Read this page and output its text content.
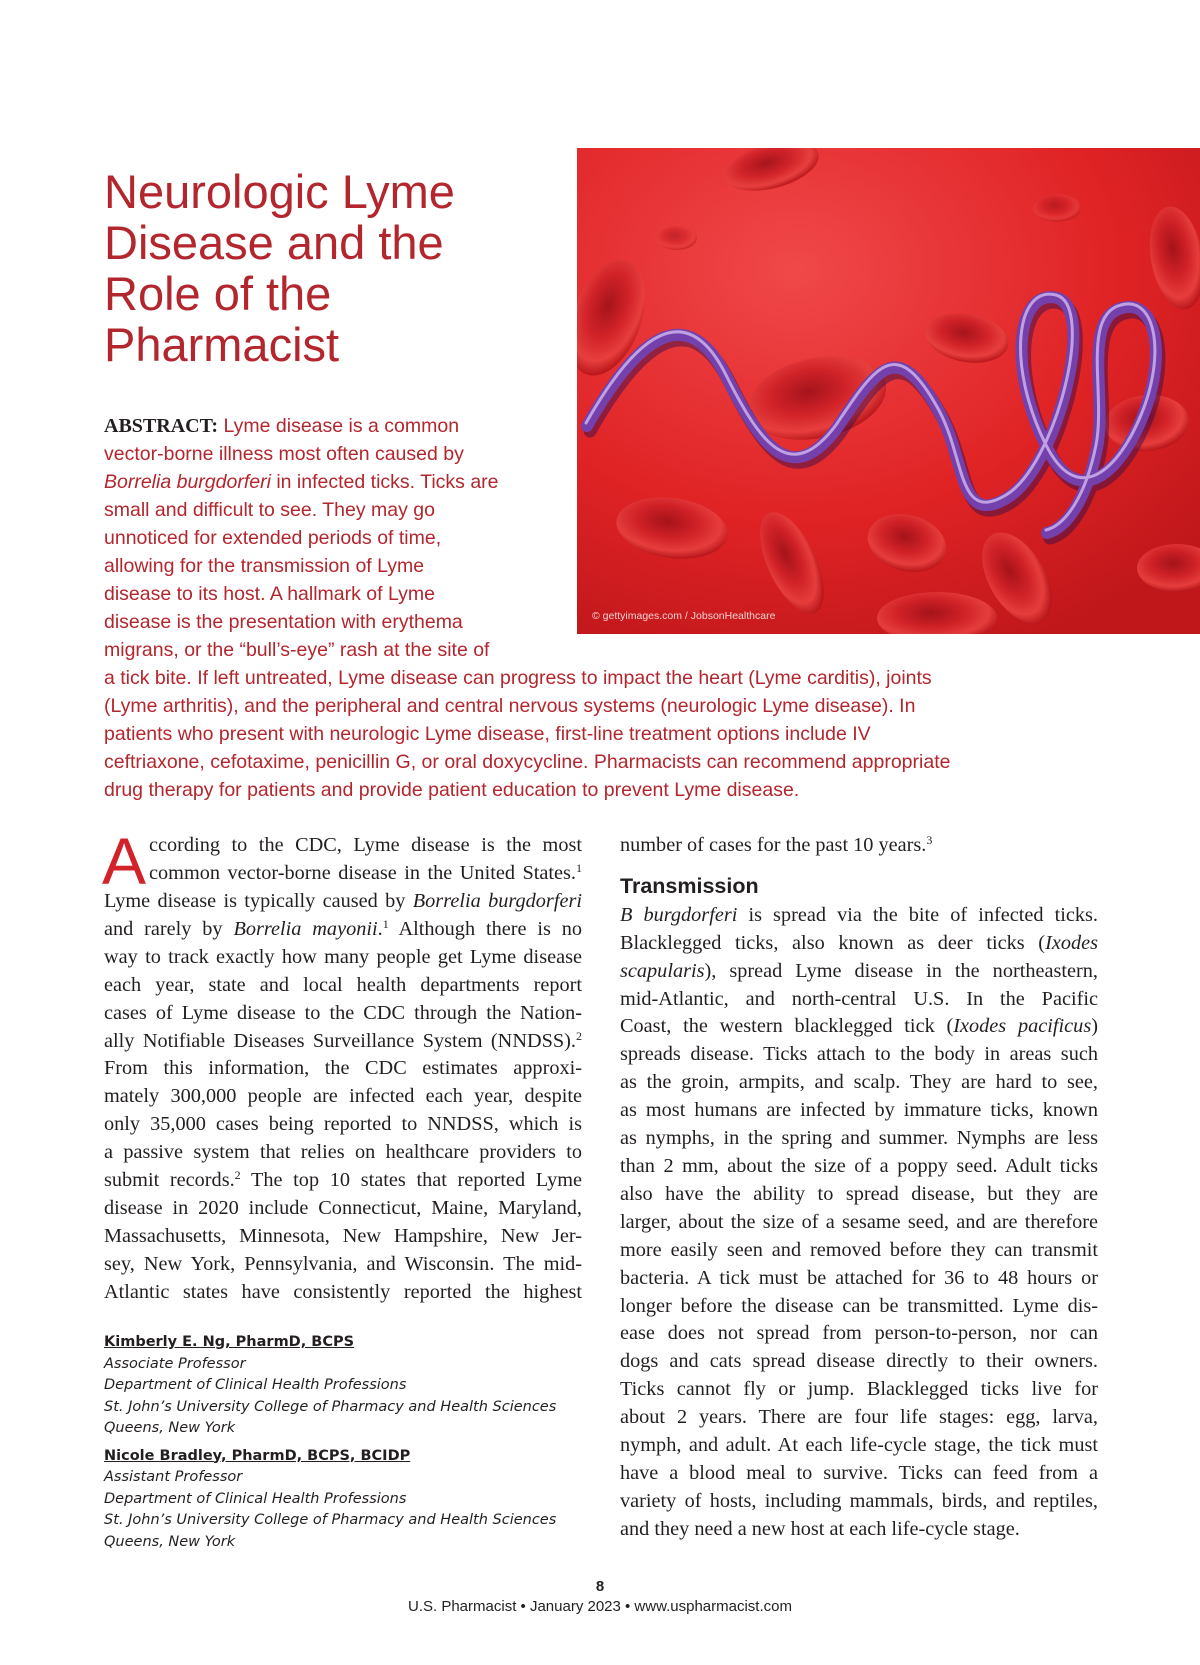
Neurologic Lyme
Disease and the
Role of the
Pharmacist
© gettyimages.com / JobsonHealthcare

ABSTRACT: Lyme disease is a common
vector-borne illness most often caused by
Borrelia burgdorferi in infected ticks. Ticks are
small and difficult to see. They may go
unnoticed for extended periods of time,
allowing for the transmission of Lyme
disease to its host. A hallmark of Lyme
disease is the presentation with erythema
migrans, or the “bull’s-eye” rash at the site of
a tick bite. If left untreated, Lyme disease can progress to impact the heart (Lyme carditis), joints
(Lyme arthritis), and the peripheral and central nervous systems (neurologic Lyme disease). In
patients who present with neurologic Lyme disease, first-line treatment options include IV
ceftriaxone, cefotaxime, penicillin G, or oral doxycycline. Pharmacists can recommend appropriate
drug therapy for patients and provide patient education to prevent Lyme disease.

A ccording to the CDC, Lyme disease is the most
common vector-borne disease in the United States.$^1$
Lyme disease is typically caused by Borrelia burgdorferi
and rarely by Borrelia mayonii.$^1$ Although there is no
way to track exactly how many people get Lyme disease
each year, state and local health departments report
cases of Lyme disease to the CDC through the Nation-
ally Notifiable Diseases Surveillance System (NNDSS).$^2$
From this information, the CDC estimates approxi-
mately 300,000 people are infected each year, despite
only 35,000 cases being reported to NNDSS, which is
a passive system that relies on healthcare providers to
submit records.$^2$ The top 10 states that reported Lyme
disease in 2020 include Connecticut, Maine, Maryland,
Massachusetts, Minnesota, New Hampshire, New Jer-
sey, New York, Pennsylvania, and Wisconsin. The mid-
Atlantic states have consistently reported the highest
Kimberly E. Ng, PharmD, BCPS
Associate Professor
Department of Clinical Health Professions
St. John’s University College of Pharmacy and Health Sciences
Queens, New York
Nicole Bradley, PharmD, BCPS, BCIDP
Assistant Professor
Department of Clinical Health Professions
St. John’s University College of Pharmacy and Health Sciences
Queens, New York
number of cases for the past 10 years.$^3$
Transmission
B burgdorferi is spread via the bite of infected ticks.
Blacklegged ticks, also known as deer ticks (Ixodes
scapularis), spread Lyme disease in the northeastern,
mid-Atlantic, and north-central U.S. In the Pacific
Coast, the western blacklegged tick (Ixodes pacificus)
spreads disease. Ticks attach to the body in areas such
as the groin, armpits, and scalp. They are hard to see,
as most humans are infected by immature ticks, known
as nymphs, in the spring and summer. Nymphs are less
than 2 mm, about the size of a poppy seed. Adult ticks
also have the ability to spread disease, but they are
larger, about the size of a sesame seed, and are therefore
more easily seen and removed before they can transmit
bacteria. A tick must be attached for 36 to 48 hours or
longer before the disease can be transmitted. Lyme dis-
ease does not spread from person-to-person, nor can
dogs and cats spread disease directly to their owners.
Ticks cannot fly or jump. Blacklegged ticks live for
about 2 years. There are four life stages: egg, larva,
nymph, and adult. At each life-cycle stage, the tick must
have a blood meal to survive. Ticks can feed from a
variety of hosts, including mammals, birds, and reptiles,
and they need a new host at each life-cycle stage.
8
U.S. Pharmacist • January 2023 • www.uspharmacist.com
